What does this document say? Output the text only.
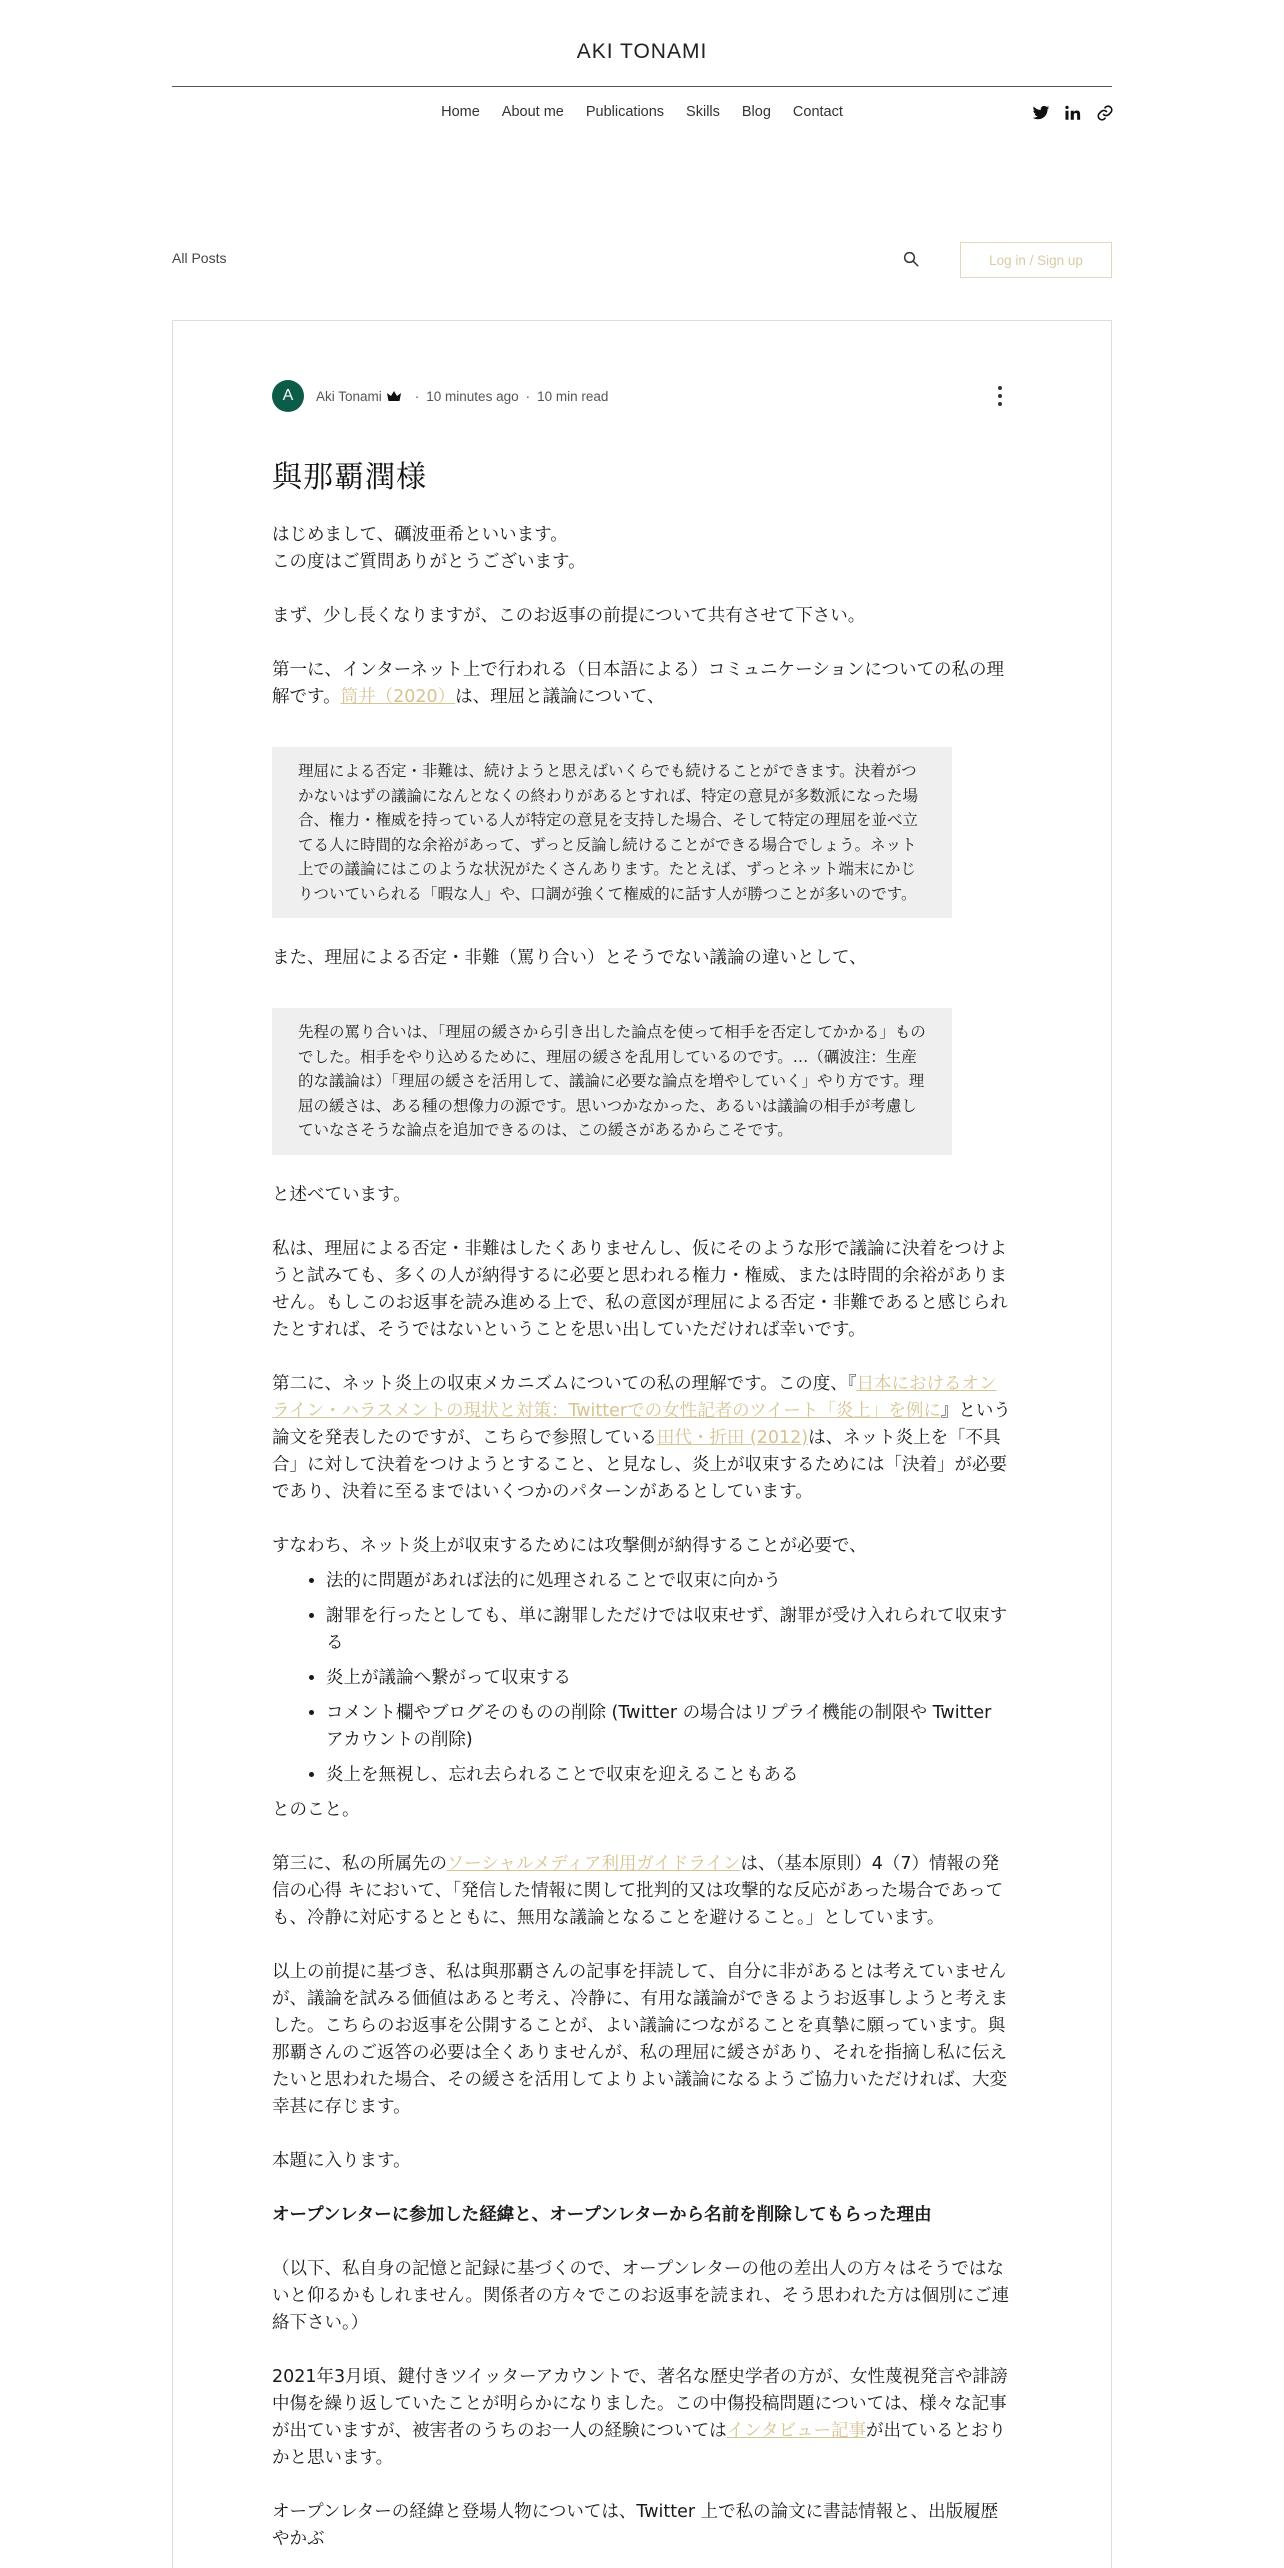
AKI TONAMI
Home About me Publications Skills Blog Contact
All Posts	Log in / Sign up
A	Aki Tonami · 10 minutes ago · 10 min read
與那覇潤様

はじめまして、礪波亜希といいます。

この度はご質問ありがとうございます。

まず、少し長くなりますが、このお返事の前提について共有させて下さい。

第一に、インターネット上で行われる（日本語による）コミュニケーションについての私の理解です。筒井（2020）は、理屈と議論について、

理屈による否定・非難は、続けようと思えばいくらでも続けることができます。決着がつかないはずの議論になんとなくの終わりがあるとすれば、特定の意見が多数派になった場合、権力・権威を持っている人が特定の意見を支持した場合、そして特定の理屈を並べ立てる人に時間的な余裕があって、ずっと反論し続けることができる場合でしょう。ネット上での議論にはこのような状況がたくさんあります。たとえば、ずっとネット端末にかじりついていられる「暇な人」や、口調が強くて権威的に話す人が勝つことが多いのです。

また、理屈による否定・非難（罵り合い）とそうでない議論の違いとして、

先程の罵り合いは、「理屈の緩さから引き出した論点を使って相手を否定してかかる」ものでした。相手をやり込めるために、理屈の緩さを乱用しているのです。…（礪波注：生産的な議論は）「理屈の緩さを活用して、議論に必要な論点を増やしていく」やり方です。理屈の緩さは、ある種の想像力の源です。思いつかなかった、あるいは議論の相手が考慮していなさそうな論点を追加できるのは、この緩さがあるからこそです。

と述べています。

私は、理屈による否定・非難はしたくありませんし、仮にそのような形で議論に決着をつけようと試みても、多くの人が納得するに必要と思われる権力・権威、または時間的余裕がありません。もしこのお返事を読み進める上で、私の意図が理屈による否定・非難であると感じられたとすれば、そうではないということを思い出していただければ幸いです。

第二に、ネット炎上の収束メカニズムについての私の理解です。この度、『日本におけるオンライン・ハラスメントの現状と対策：Twitterでの女性記者のツイート「炎上」を例に』という論文を発表したのですが、こちらで参照している田代・折田 (2012)は、ネット炎上を「不具合」に対して決着をつけようとすること、と見なし、炎上が収束するためには「決着」が必要であり、決着に至るまではいくつかのパターンがあるとしています。

すなわち、ネット炎上が収束するためには攻撃側が納得することが必要で、

• 法的に問題があれば法的に処理されることで収束に向かう
• 謝罪を行ったとしても、単に謝罪しただけでは収束せず、謝罪が受け入れられて収束する
• 炎上が議論へ繋がって収束する
• コメント欄やブログそのものの削除 (Twitter の場合はリプライ機能の制限や Twitter アカウントの削除)
• 炎上を無視し、忘れ去られることで収束を迎えることもある

とのこと。

第三に、私の所属先のソーシャルメディア利用ガイドラインは、（基本原則）4（7）情報の発信の心得 キにおいて、「発信した情報に関して批判的又は攻撃的な反応があった場合であっても、冷静に対応するとともに、無用な議論となることを避けること。」としています。

以上の前提に基づき、私は與那覇さんの記事を拝読して、自分に非があるとは考えていませんが、議論を試みる価値はあると考え、冷静に、有用な議論ができるようお返事しようと考えました。こちらのお返事を公開することが、よい議論につながることを真摯に願っています。與那覇さんのご返答の必要は全くありませんが、私の理屈に緩さがあり、それを指摘し私に伝えたいと思われた場合、その緩さを活用してよりよい議論になるようご協力いただければ、大変幸甚に存じます。

本題に入ります。

オープンレターに参加した経緯と、オープンレターから名前を削除してもらった理由

（以下、私自身の記憶と記録に基づくので、オープンレターの他の差出人の方々はそうではないと仰るかもしれません。関係者の方々でこのお返事を読まれ、そう思われた方は個別にご連絡下さい。）

2021年3月頃、鍵付きツイッターアカウントで、著名な歴史学者の方が、女性蔑視発言や誹謗中傷を繰り返していたことが明らかになりました。この中傷投稿問題については、様々な記事が出ていますが、被害者のうちのお一人の経験についてはインタビュー記事が出ているとおりかと思います。

オープンレターの経緯と登場人物については、Twitter 上で私の論文に書誌情報と、出版履歴やかぶ
